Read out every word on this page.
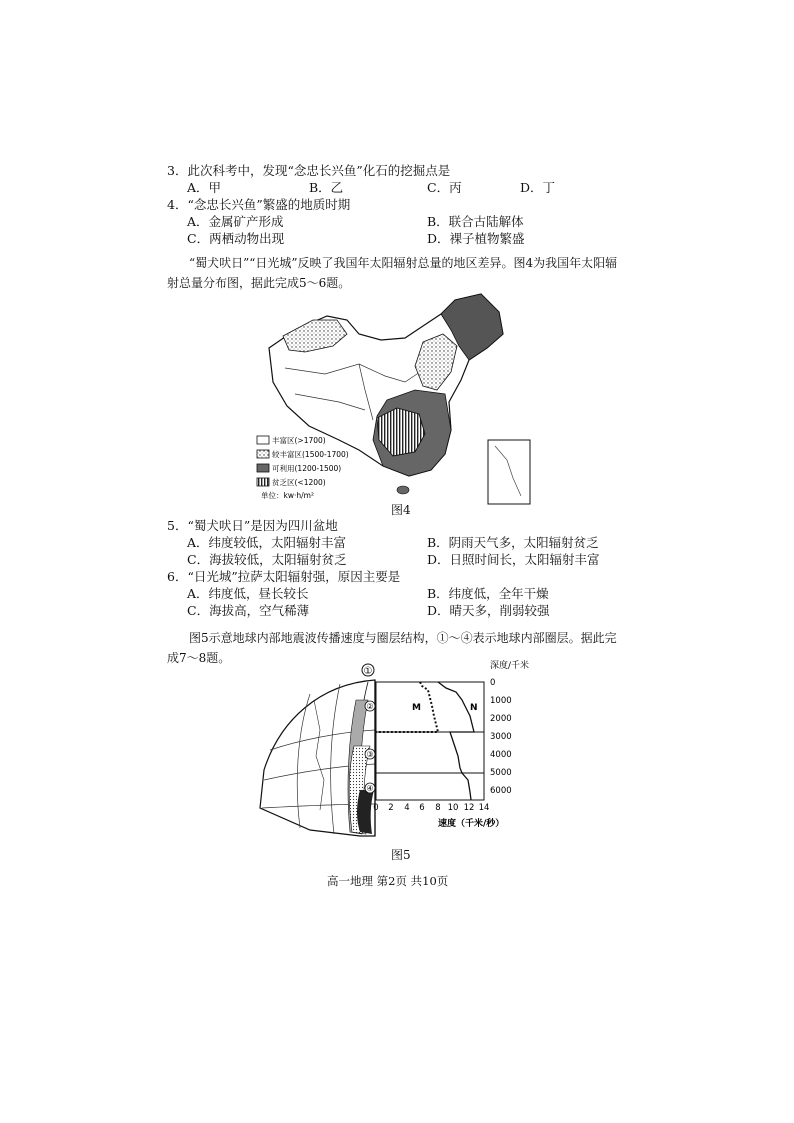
3．此次科考中，发现“念忠长兴鱼”化石的挖掘点是
A．甲	B．乙	C．丙	D．丁
4．“念忠长兴鱼”繁盛的地质时期
A．金属矿产形成	B．联合古陆解体
C．两栖动物出现	D．裸子植物繁盛
“蜀犬吠日”“日光城”反映了我国年太阳辐射总量的地区差异。图4为我国年太阳辐射总量分布图，据此完成5～6题。
丰富区(>1700)
较丰富区(1500-1700)
可利用(1200-1500)
贫乏区(<1200)
单位：kw·h/m²
图4
5．“蜀犬吠日”是因为四川盆地
A．纬度较低，太阳辐射丰富	B．阴雨天气多，太阳辐射贫乏
C．海拔较低，太阳辐射贫乏	D．日照时间长，太阳辐射丰富
6．“日光城”拉萨太阳辐射强，原因主要是
A．纬度低，昼长较长	B．纬度低，全年干燥
C．海拔高，空气稀薄	D．晴天多，削弱较强
图5示意地球内部地震波传播速度与圈层结构，①～④表示地球内部圈层。据此完成7～8题。
①
②
③
④
M	N
深度/千米
0
1000
2000
3000
4000
5000
6000
0 2 4 6 8 10 12 14
速度（千米/秒）
图5
高一地理 第2页 共10页
